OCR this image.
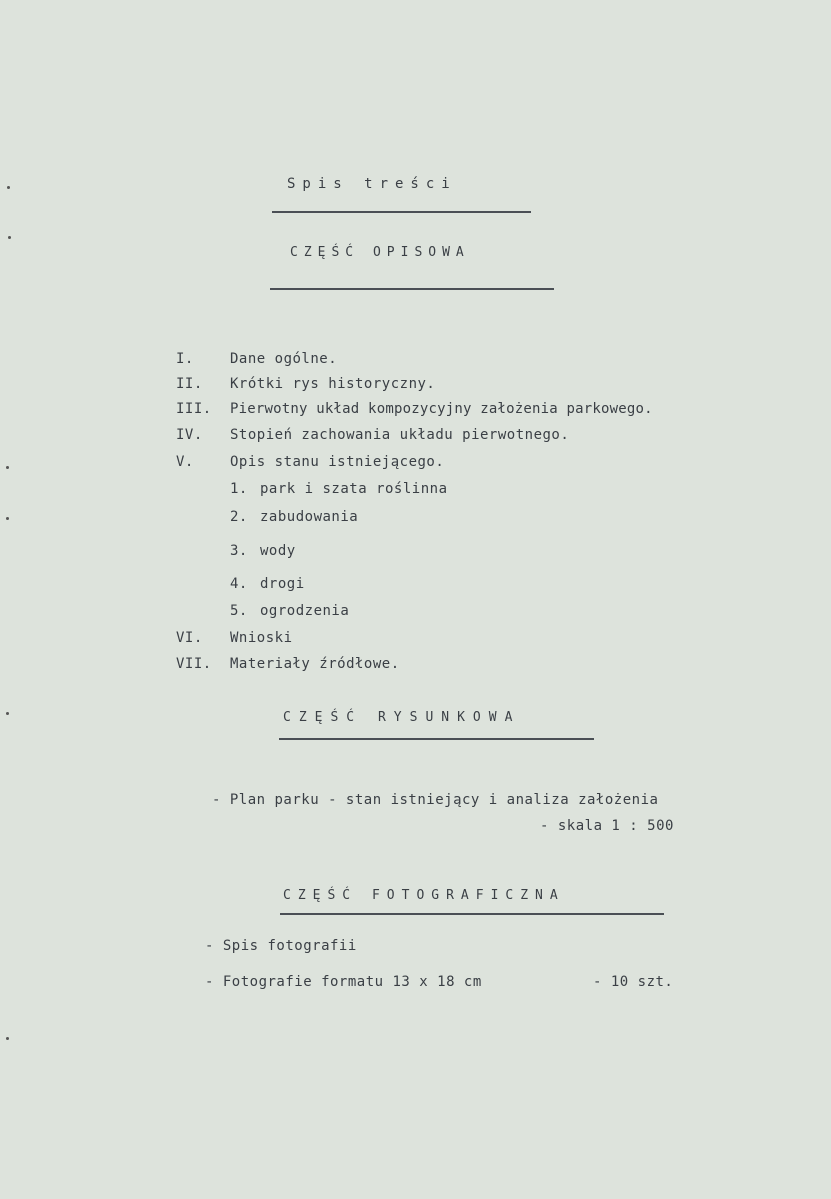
Spis treści
CZĘŚĆ OPISOWA
I.	Dane ogólne.
II. Krótki rys historyczny.
III. Pierwotny układ kompozycyjny założenia parkowego.
IV. Stopień zachowania układu pierwotnego.
V.	Opis stanu istniejącego.
1. park i szata roślinna
2. zabudowania
3. wody
4. drogi
5. ogrodzenia
VI. Wnioski
VII. Materiały źródłowe.
CZĘŚĆ RYSUNKOWA
- Plan parku - stan istniejący i analiza założenia
- skala 1 : 500
CZĘŚĆ FOTOGRAFICZNA
- Spis fotografii
- Fotografie formatu 13 x 18 cm	- 10 szt.
